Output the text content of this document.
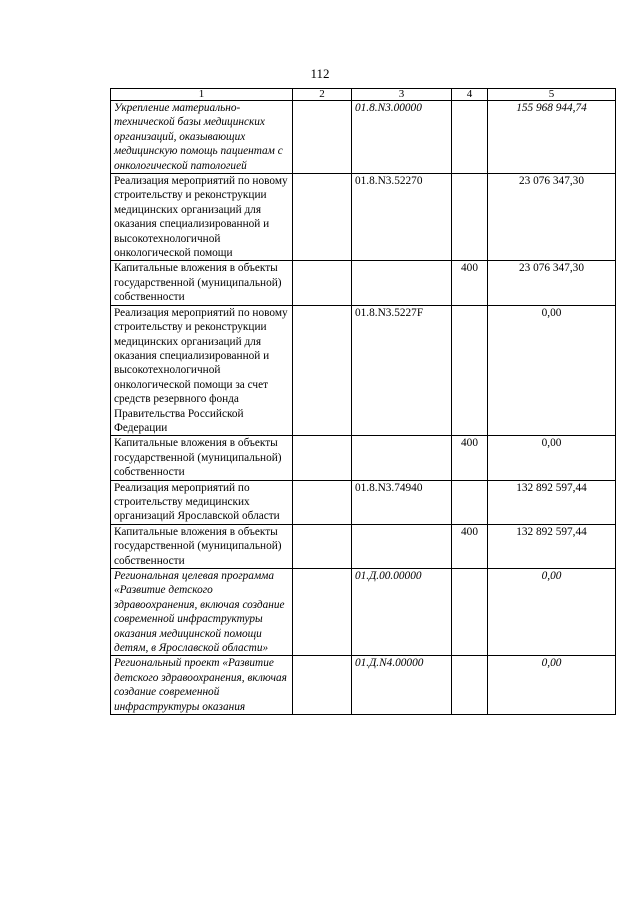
112
1	2	3	4	5
Укрепление материально-технической базы медицинских организаций, оказывающих медицинскую помощь пациентам с онкологической патологией		01.8.N3.00000		155 968 944,74
Реализация мероприятий по новому строительству и реконструкции медицинских организаций для оказания специализированной и высокотехнологичной онкологической помощи		01.8.N3.52270		23 076 347,30
Капитальные вложения в объекты государственной (муниципальной) собственности			400	23 076 347,30
Реализация мероприятий по новому строительству и реконструкции медицинских организаций для оказания специализированной и высокотехнологичной онкологической помощи за счет средств резервного фонда Правительства Российской Федерации		01.8.N3.5227F		0,00
Капитальные вложения в объекты государственной (муниципальной) собственности			400	0,00
Реализация мероприятий по строительству медицинских организаций Ярославской области		01.8.N3.74940		132 892 597,44
Капитальные вложения в объекты государственной (муниципальной) собственности			400	132 892 597,44
Региональная целевая программа «Развитие детского здравоохранения, включая создание современной инфраструктуры оказания медицинской помощи детям, в Ярославской области»		01.Д.00.00000		0,00
Региональный проект «Развитие детского здравоохранения, включая создание современной инфраструктуры оказания		01.Д.N4.00000		0,00
